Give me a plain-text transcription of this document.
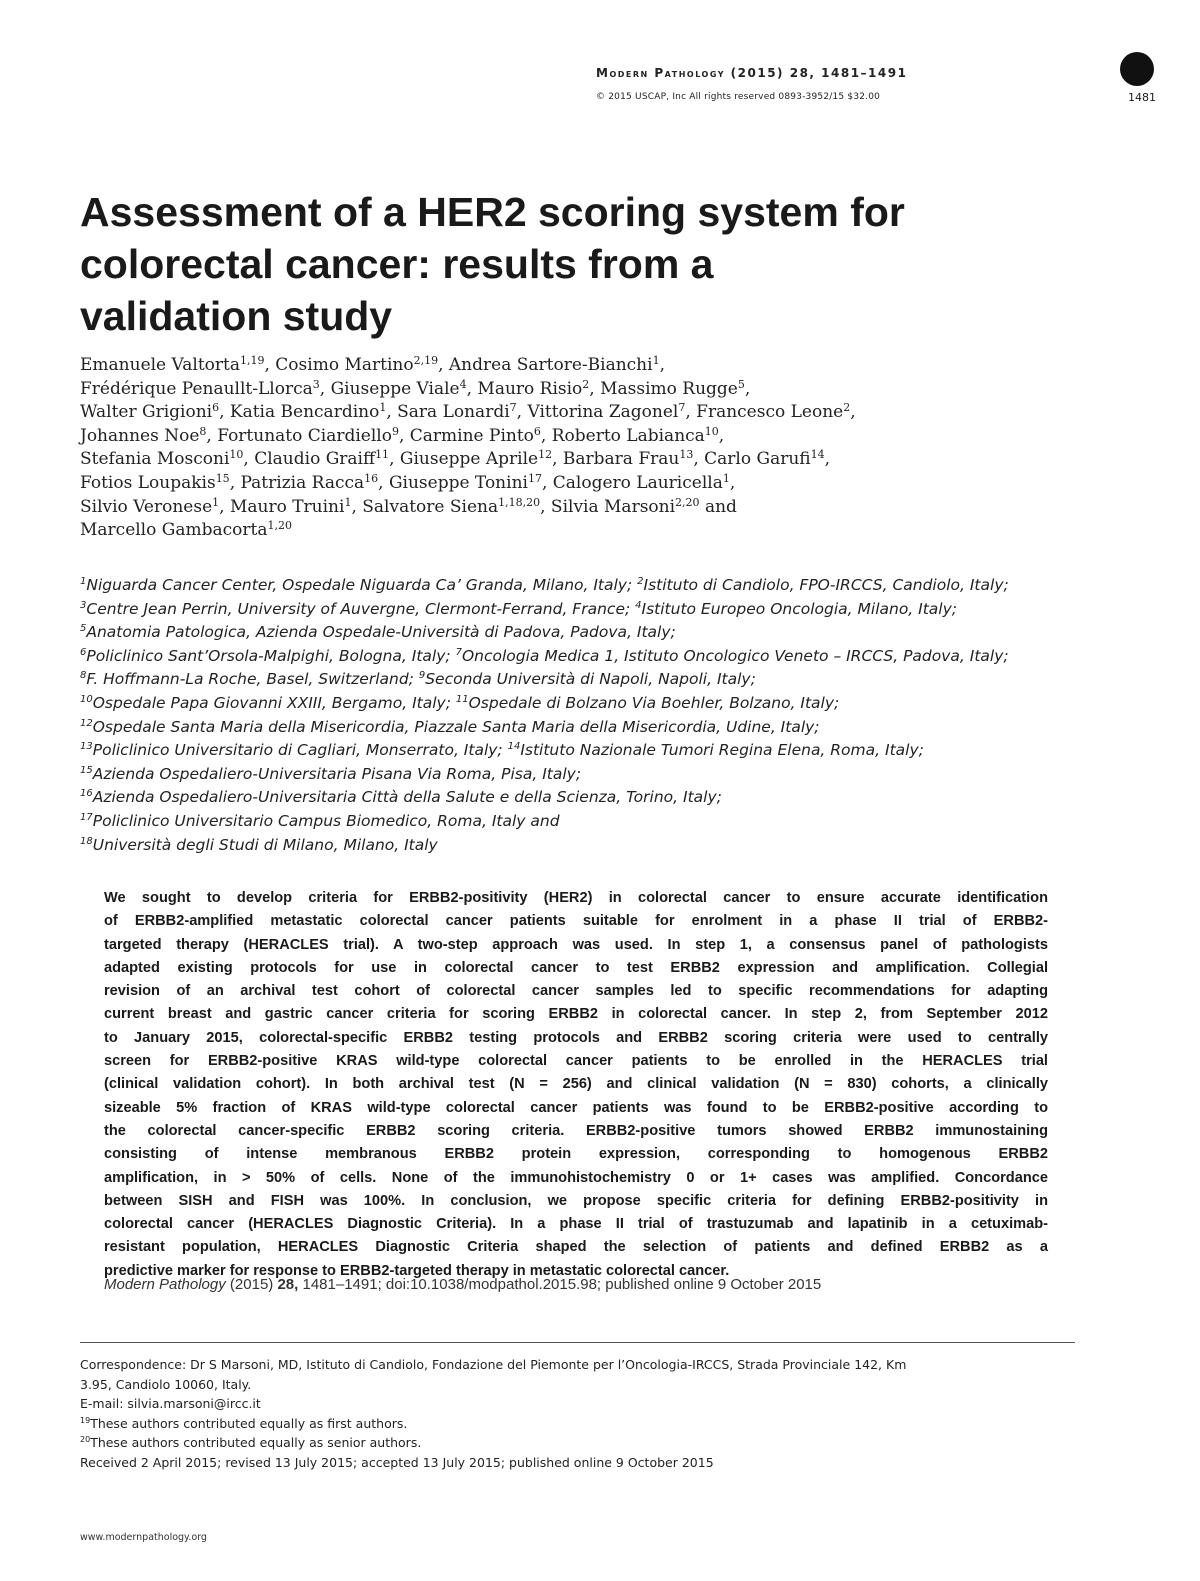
Modern Pathology (2015) 28, 1481–1491
© 2015 USCAP, Inc All rights reserved 0893-3952/15 $32.00	1481
Assessment of a HER2 scoring system for
colorectal cancer: results from a
validation study
Emanuele Valtorta$^{1,19}$, Cosimo Martino$^{2,19}$, Andrea Sartore-Bianchi$^1$,
Frédérique Penaullt-Llorca$^3$, Giuseppe Viale$^4$, Mauro Risio$^2$, Massimo Rugge$^5$,
Walter Grigioni$^6$, Katia Bencardino$^1$, Sara Lonardi$^7$, Vittorina Zagonel$^7$, Francesco Leone$^2$,
Johannes Noe$^8$, Fortunato Ciardiello$^9$, Carmine Pinto$^6$, Roberto Labianca$^{10}$,
Stefania Mosconi$^{10}$, Claudio Graiff$^{11}$, Giuseppe Aprile$^{12}$, Barbara Frau$^{13}$, Carlo Garufi$^{14}$,
Fotios Loupakis$^{15}$, Patrizia Racca$^{16}$, Giuseppe Tonini$^{17}$, Calogero Lauricella$^1$,
Silvio Veronese$^1$, Mauro Truini$^1$, Salvatore Siena$^{1,18,20}$, Silvia Marsoni$^{2,20}$ and
Marcello Gambacorta$^{1,20}$
$^1$Niguarda Cancer Center, Ospedale Niguarda Ca’ Granda, Milano, Italy; $^2$Istituto di Candiolo, FPO-IRCCS, Candiolo, Italy;
$^3$Centre Jean Perrin, University of Auvergne, Clermont-Ferrand, France; $^4$Istituto Europeo Oncologia, Milano, Italy;
$^5$Anatomia Patologica, Azienda Ospedale-Università di Padova, Padova, Italy;
$^6$Policlinico Sant’Orsola-Malpighi, Bologna, Italy; $^7$Oncologia Medica 1, Istituto Oncologico Veneto – IRCCS, Padova, Italy;
$^8$F. Hoffmann-La Roche, Basel, Switzerland; $^9$Seconda Università di Napoli, Napoli, Italy;
$^{10}$Ospedale Papa Giovanni XXIII, Bergamo, Italy; $^{11}$Ospedale di Bolzano Via Boehler, Bolzano, Italy;
$^{12}$Ospedale Santa Maria della Misericordia, Piazzale Santa Maria della Misericordia, Udine, Italy;
$^{13}$Policlinico Universitario di Cagliari, Monserrato, Italy; $^{14}$Istituto Nazionale Tumori Regina Elena, Roma, Italy;
$^{15}$Azienda Ospedaliero-Universitaria Pisana Via Roma, Pisa, Italy;
$^{16}$Azienda Ospedaliero-Universitaria Città della Salute e della Scienza, Torino, Italy;
$^{17}$Policlinico Universitario Campus Biomedico, Roma, Italy and
$^{18}$Università degli Studi di Milano, Milano, Italy
We sought to develop criteria for ERBB2-positivity (HER2) in colorectal cancer to ensure accurate identification
of ERBB2-amplified metastatic colorectal cancer patients suitable for enrolment in a phase II trial of ERBB2-
targeted therapy (HERACLES trial). A two-step approach was used. In step 1, a consensus panel of pathologists
adapted existing protocols for use in colorectal cancer to test ERBB2 expression and amplification. Collegial
revision of an archival test cohort of colorectal cancer samples led to specific recommendations for adapting
current breast and gastric cancer criteria for scoring ERBB2 in colorectal cancer. In step 2, from September 2012
to January 2015, colorectal-specific ERBB2 testing protocols and ERBB2 scoring criteria were used to centrally
screen for ERBB2-positive KRAS wild-type colorectal cancer patients to be enrolled in the HERACLES trial
(clinical validation cohort). In both archival test (N = 256) and clinical validation (N = 830) cohorts, a clinically
sizeable 5% fraction of KRAS wild-type colorectal cancer patients was found to be ERBB2-positive according to
the colorectal cancer-specific ERBB2 scoring criteria. ERBB2-positive tumors showed ERBB2 immunostaining
consisting of intense membranous ERBB2 protein expression, corresponding to homogenous ERBB2
amplification, in > 50% of cells. None of the immunohistochemistry 0 or 1+ cases was amplified. Concordance
between SISH and FISH was 100%. In conclusion, we propose specific criteria for defining ERBB2-positivity in
colorectal cancer (HERACLES Diagnostic Criteria). In a phase II trial of trastuzumab and lapatinib in a cetuximab-
resistant population, HERACLES Diagnostic Criteria shaped the selection of patients and defined ERBB2 as a
predictive marker for response to ERBB2-targeted therapy in metastatic colorectal cancer.
Modern Pathology (2015) 28, 1481–1491; doi:10.1038/modpathol.2015.98; published online 9 October 2015
Correspondence: Dr S Marsoni, MD, Istituto di Candiolo, Fondazione del Piemonte per l’Oncologia-IRCCS, Strada Provinciale 142, Km
3.95, Candiolo 10060, Italy.
E-mail: silvia.marsoni@ircc.it
$^{19}$These authors contributed equally as first authors.
$^{20}$These authors contributed equally as senior authors.
Received 2 April 2015; revised 13 July 2015; accepted 13 July 2015; published online 9 October 2015
www.modernpathology.org
